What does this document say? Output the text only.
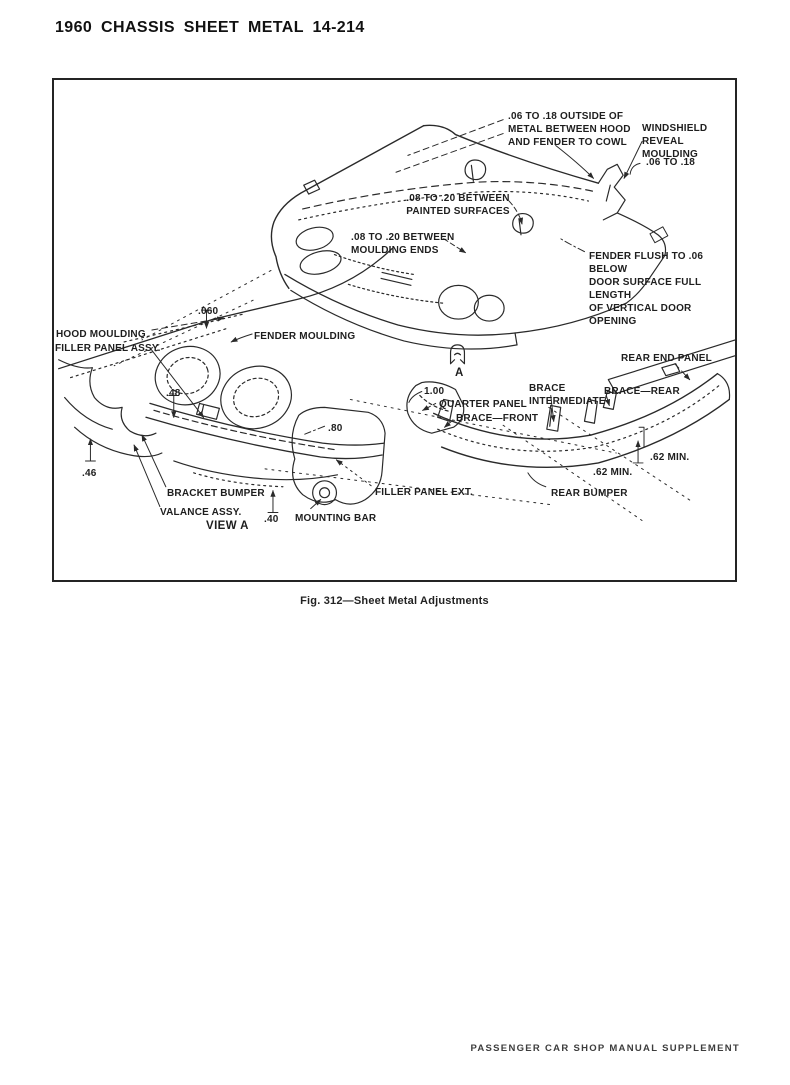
1960 CHASSIS SHEET METAL 14-214
.06 TO .18 OUTSIDE OF
METAL BETWEEN HOOD
AND FENDER TO COWL
WINDSHIELD REVEAL
MOULDING
.06 TO .18
.08 TO .20 BETWEEN
PAINTED SURFACES
.08 TO .20 BETWEEN
MOULDING ENDS
FENDER FLUSH TO .06 BELOW
DOOR SURFACE FULL LENGTH
OF VERTICAL DOOR OPENING
.060
HOOD MOULDING
FILLER PANEL ASSY.
FENDER MOULDING
.48
.46
BRACKET BUMPER
VALANCE ASSY.
VIEW A
.40 MOUNTING BAR
.80
FILLER PANEL EXT.
1.00
QUARTER PANEL
BRACE—FRONT
BRACE
INTERMEDIATE
BRACE—REAR
REAR END PANEL
.62 MIN.
.62 MIN.
REAR BUMPER
A
Fig. 312—Sheet Metal Adjustments
PASSENGER CAR SHOP MANUAL SUPPLEMENT
